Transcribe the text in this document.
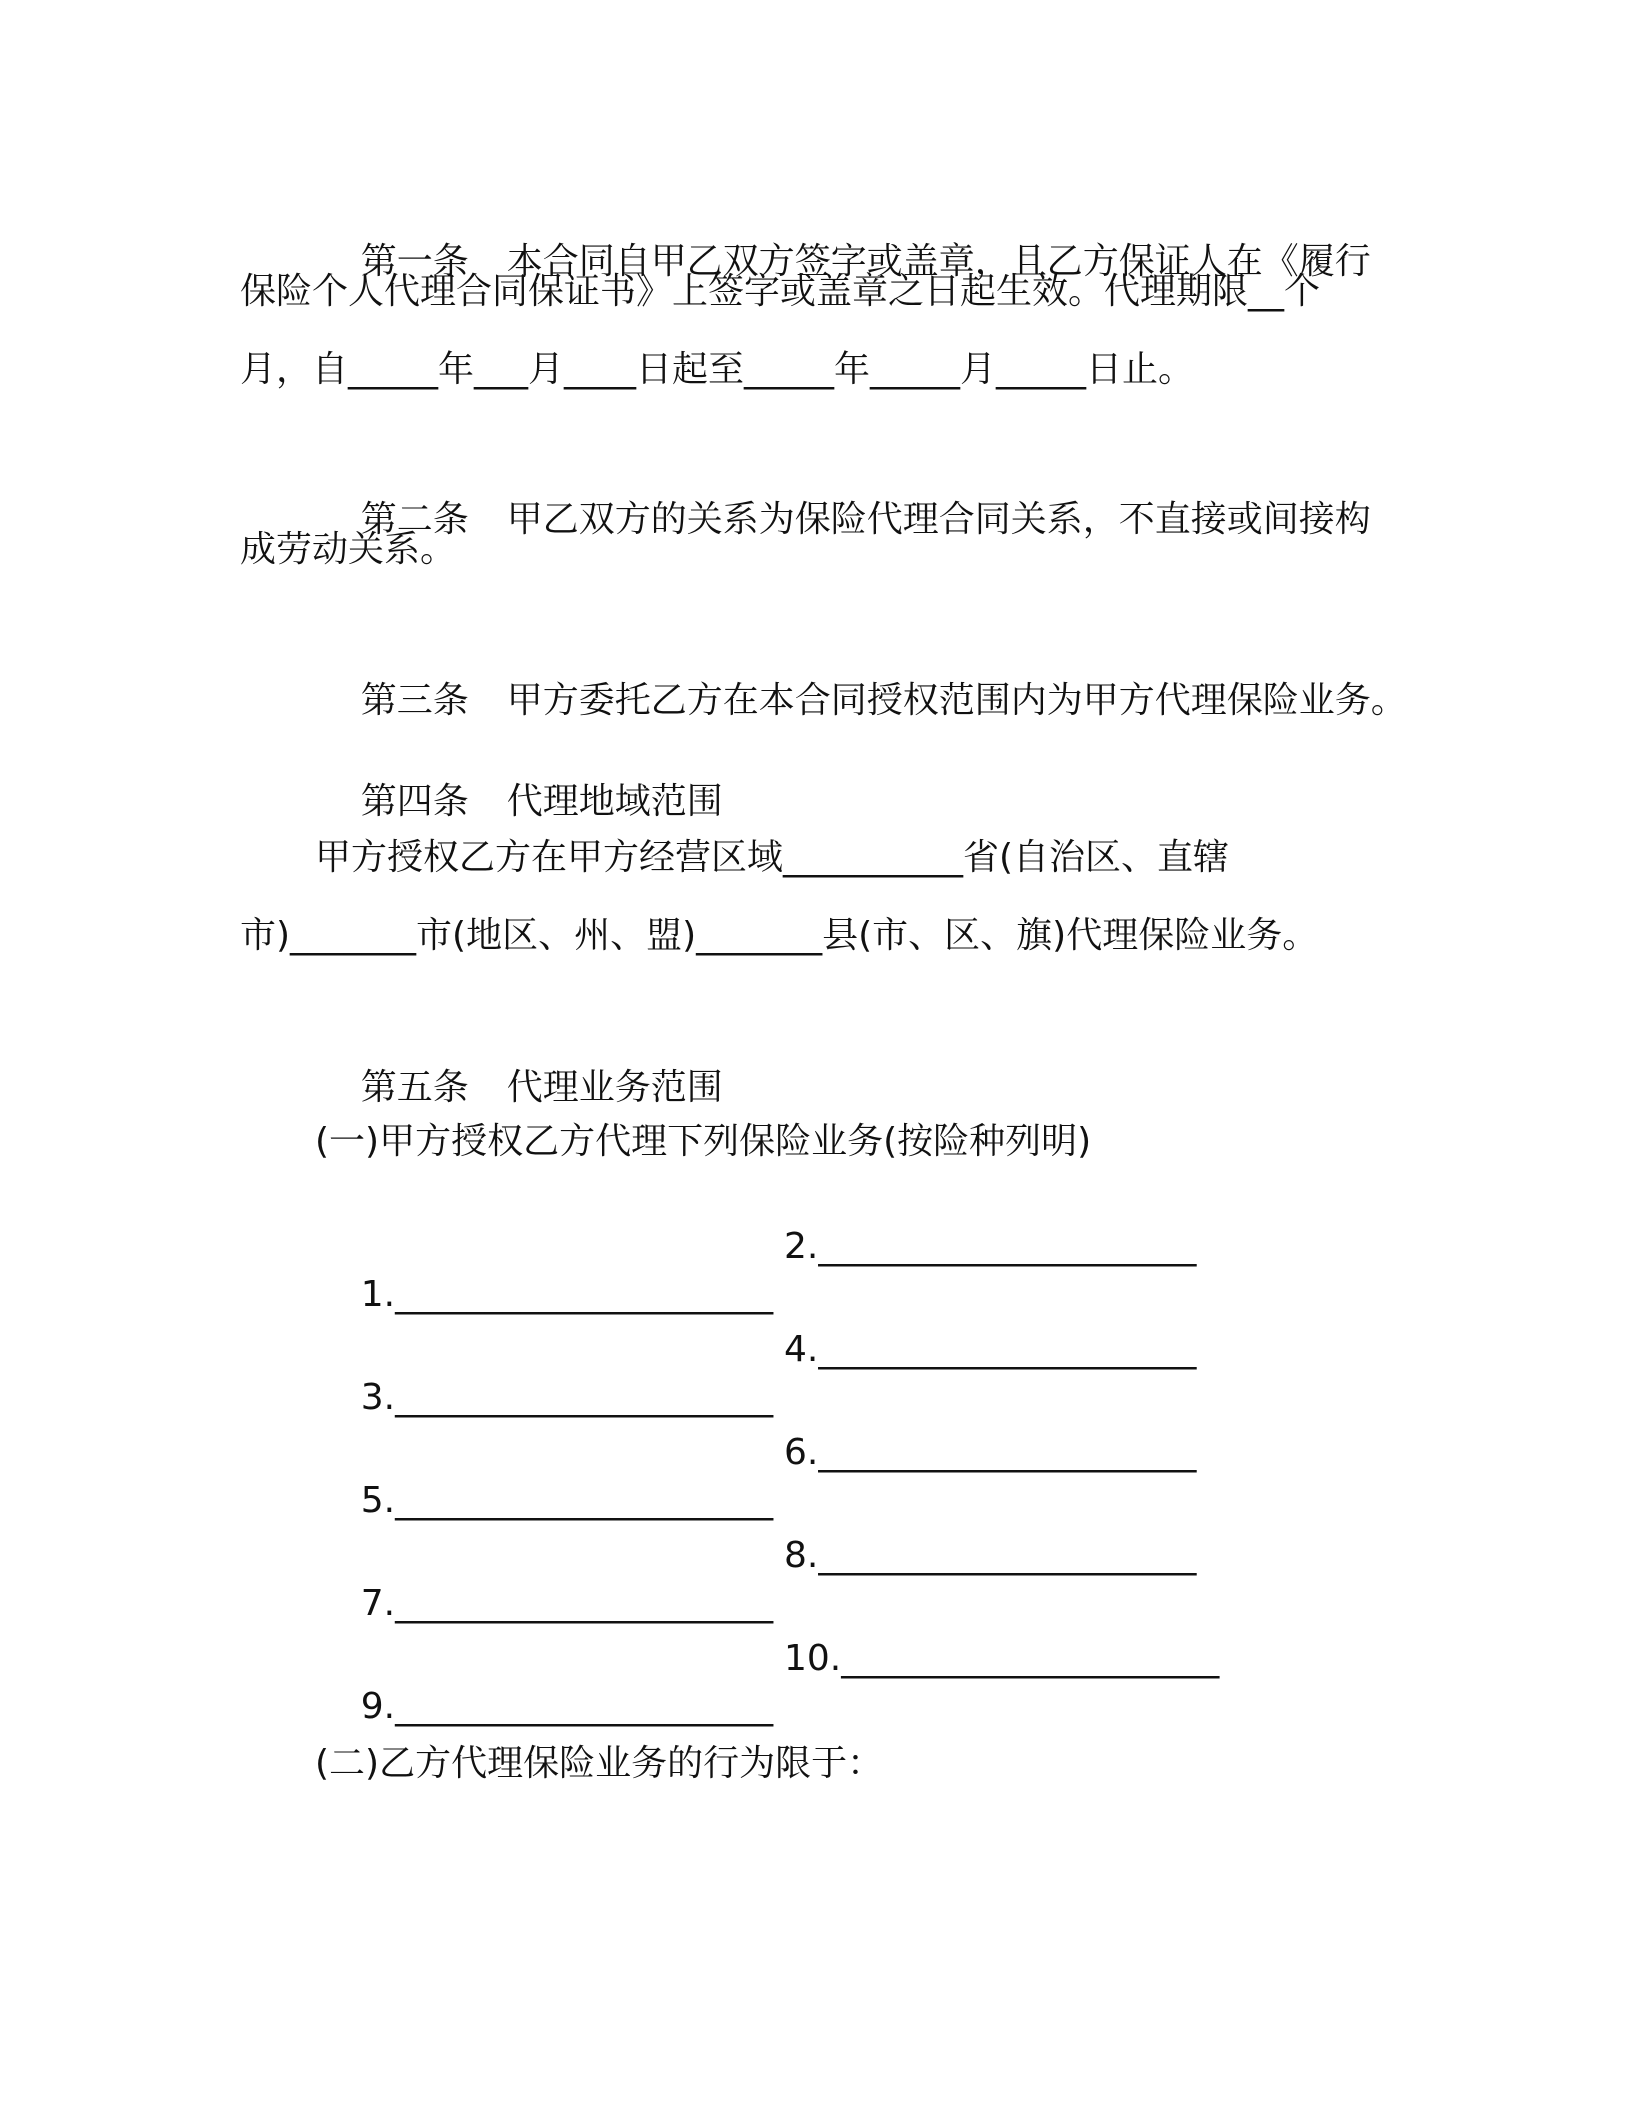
第一条 本合同自甲乙双方签字或盖章，且乙方保证人在《履行

保险个人代理合同保证书》上签字或盖章之日起生效。代理期限__个
月，自_____年___月____日起至_____年_____月_____日止。

第二条 甲乙双方的关系为保险代理合同关系，不直接或间接构

成劳动关系。

第三条 甲方委托乙方在本合同授权范围内为甲方代理保险业务。

第四条 代理地域范围

甲方授权乙方在甲方经营区域__________省(自治区、直辖
市)_______市(地区、州、盟)_______县(市、区、旗)代理保险业务。

第五条 代理业务范围

(一)甲方授权乙方代理下列保险业务(按险种列明)

1._____________________
2._____________________

3._____________________
4._____________________

5._____________________
6._____________________

7._____________________
8._____________________

9._____________________
10._____________________

(二)乙方代理保险业务的行为限于：
